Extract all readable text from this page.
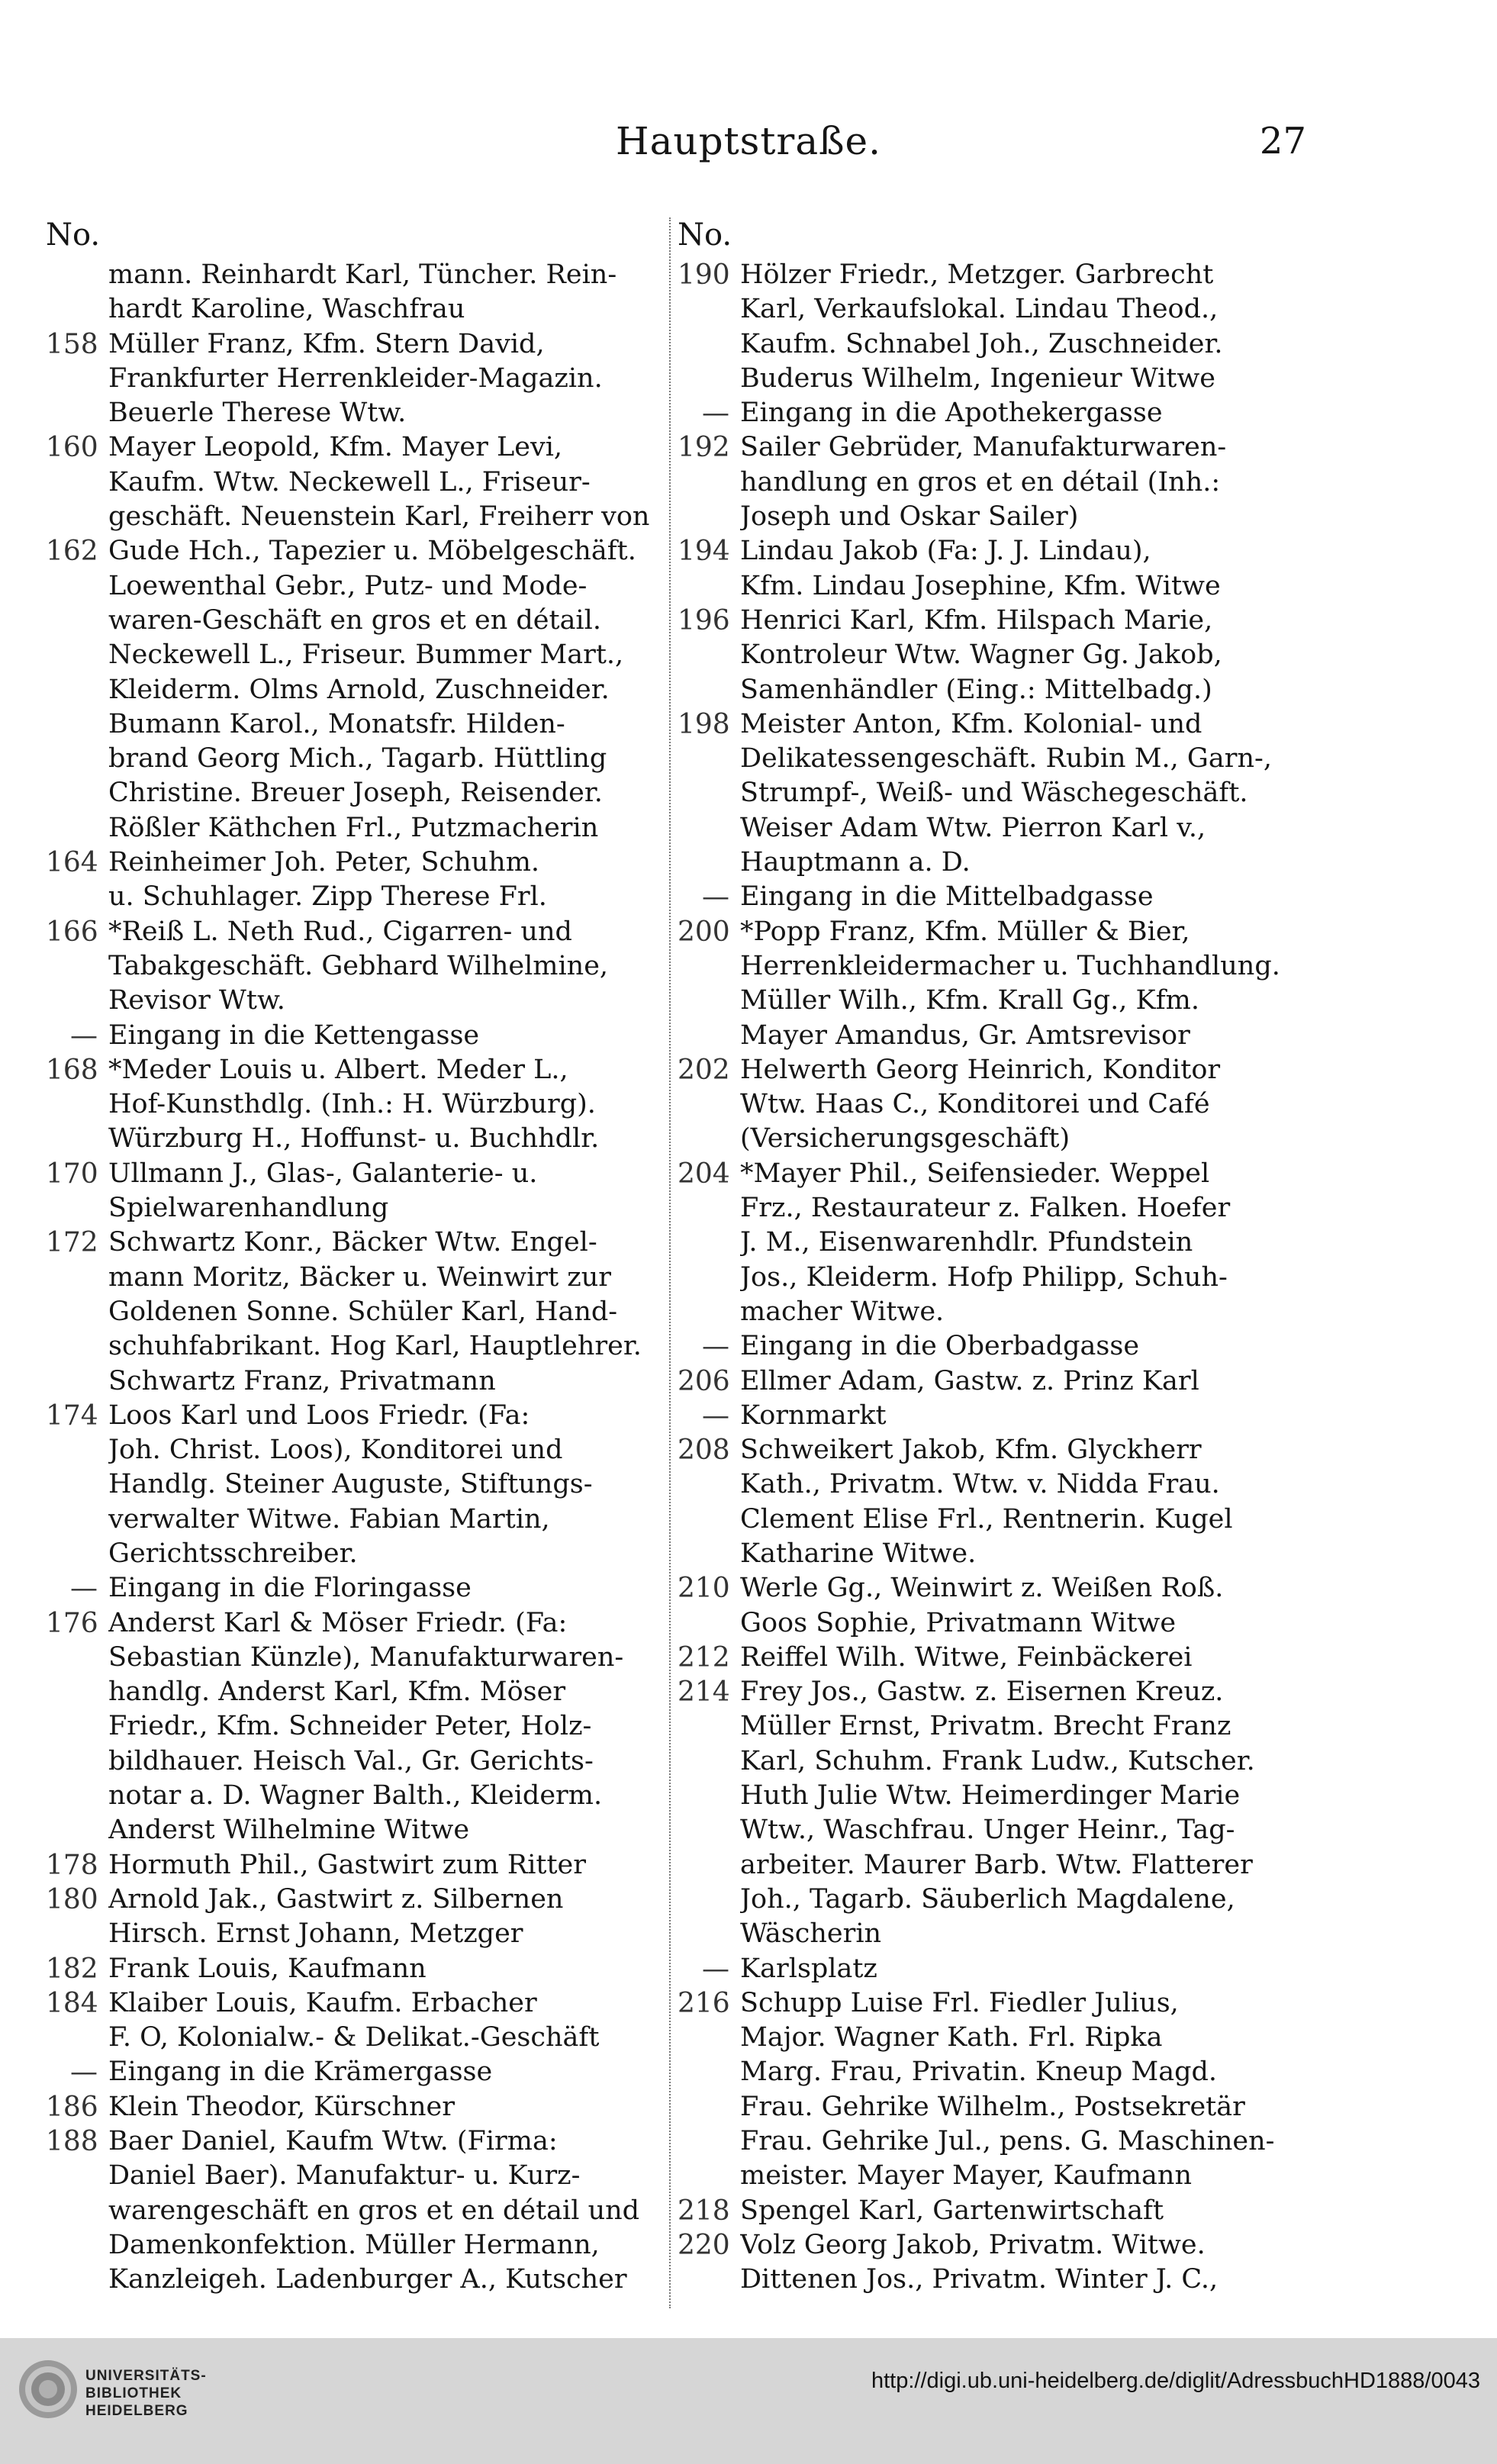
Hauptstraße.	27
No.
mann. Reinhardt Karl, Tüncher. Rein-
hardt Karoline, Waschfrau
158 Müller Franz, Kfm. Stern David,
Frankfurter Herrenkleider-Magazin.
Beuerle Therese Wtw.
160 Mayer Leopold, Kfm. Mayer Levi,
Kaufm. Wtw. Neckewell L., Friseur-
geschäft. Neuenstein Karl, Freiherr von
162 Gude Hch., Tapezier u. Möbelgeschäft.
Loewenthal Gebr., Putz- und Mode-
waren-Geschäft en gros et en détail.
Neckewell L., Friseur. Bummer Mart.,
Kleiderm. Olms Arnold, Zuschneider.
Bumann Karol., Monatsfr. Hilden-
brand Georg Mich., Tagarb. Hüttling
Christine. Breuer Joseph, Reisender.
Rößler Käthchen Frl., Putzmacherin
164 Reinheimer Joh. Peter, Schuhm.
u. Schuhlager. Zipp Therese Frl.
166 *Reiß L. Neth Rud., Cigarren- und
Tabakgeschäft. Gebhard Wilhelmine,
Revisor Wtw.
— Eingang in die Kettengasse
168 *Meder Louis u. Albert. Meder L.,
Hof-Kunsthdlg. (Inh.: H. Würzburg).
Würzburg H., Hoffunst- u. Buchhdlr.
170 Ullmann J., Glas-, Galanterie- u.
Spielwarenhandlung
172 Schwartz Konr., Bäcker Wtw. Engel-
mann Moritz, Bäcker u. Weinwirt zur
Goldenen Sonne. Schüler Karl, Hand-
schuhfabrikant. Hog Karl, Hauptlehrer.
Schwartz Franz, Privatmann
174 Loos Karl und Loos Friedr. (Fa:
Joh. Christ. Loos), Konditorei und
Handlg. Steiner Auguste, Stiftungs-
verwalter Witwe. Fabian Martin,
Gerichtsschreiber.
— Eingang in die Floringasse
176 Anderst Karl & Möser Friedr. (Fa:
Sebastian Künzle), Manufakturwaren-
handlg. Anderst Karl, Kfm. Möser
Friedr., Kfm. Schneider Peter, Holz-
bildhauer. Heisch Val., Gr. Gerichts-
notar a. D. Wagner Balth., Kleiderm.
Anderst Wilhelmine Witwe
178 Hormuth Phil., Gastwirt zum Ritter
180 Arnold Jak., Gastwirt z. Silbernen
Hirsch. Ernst Johann, Metzger
182 Frank Louis, Kaufmann
184 Klaiber Louis, Kaufm. Erbacher
F. O, Kolonialw.- & Delikat.-Geschäft
— Eingang in die Krämergasse
186 Klein Theodor, Kürschner
188 Baer Daniel, Kaufm Wtw. (Firma:
Daniel Baer). Manufaktur- u. Kurz-
warengeschäft en gros et en détail und
Damenkonfektion. Müller Hermann,
Kanzleigeh. Ladenburger A., Kutscher
No.
190 Hölzer Friedr., Metzger. Garbrecht
Karl, Verkaufslokal. Lindau Theod.,
Kaufm. Schnabel Joh., Zuschneider.
Buderus Wilhelm, Ingenieur Witwe
— Eingang in die Apothekergasse
192 Sailer Gebrüder, Manufakturwaren-
handlung en gros et en détail (Inh.:
Joseph und Oskar Sailer)
194 Lindau Jakob (Fa: J. J. Lindau),
Kfm. Lindau Josephine, Kfm. Witwe
196 Henrici Karl, Kfm. Hilspach Marie,
Kontroleur Wtw. Wagner Gg. Jakob,
Samenhändler (Eing.: Mittelbadg.)
198 Meister Anton, Kfm. Kolonial- und
Delikatessengeschäft. Rubin M., Garn-,
Strumpf-, Weiß- und Wäschegeschäft.
Weiser Adam Wtw. Pierron Karl v.,
Hauptmann a. D.
— Eingang in die Mittelbadgasse
200 *Popp Franz, Kfm. Müller & Bier,
Herrenkleidermacher u. Tuchhandlung.
Müller Wilh., Kfm. Krall Gg., Kfm.
Mayer Amandus, Gr. Amtsrevisor
202 Helwerth Georg Heinrich, Konditor
Wtw. Haas C., Konditorei und Café
(Versicherungsgeschäft)
204 *Mayer Phil., Seifensieder. Weppel
Frz., Restaurateur z. Falken. Hoefer
J. M., Eisenwarenhdlr. Pfundstein
Jos., Kleiderm. Hofp Philipp, Schuh-
macher Witwe.
— Eingang in die Oberbadgasse
206 Ellmer Adam, Gastw. z. Prinz Karl
— Kornmarkt
208 Schweikert Jakob, Kfm. Glyckherr
Kath., Privatm. Wtw. v. Nidda Frau.
Clement Elise Frl., Rentnerin. Kugel
Katharine Witwe.
210 Werle Gg., Weinwirt z. Weißen Roß.
Goos Sophie, Privatmann Witwe
212 Reiffel Wilh. Witwe, Feinbäckerei
214 Frey Jos., Gastw. z. Eisernen Kreuz.
Müller Ernst, Privatm. Brecht Franz
Karl, Schuhm. Frank Ludw., Kutscher.
Huth Julie Wtw. Heimerdinger Marie
Wtw., Waschfrau. Unger Heinr., Tag-
arbeiter. Maurer Barb. Wtw. Flatterer
Joh., Tagarb. Säuberlich Magdalene,
Wäscherin
— Karlsplatz
216 Schupp Luise Frl. Fiedler Julius,
Major. Wagner Kath. Frl. Ripka
Marg. Frau, Privatin. Kneup Magd.
Frau. Gehrike Wilhelm., Postsekretär
Frau. Gehrike Jul., pens. G. Maschinen-
meister. Mayer Mayer, Kaufmann
218 Spengel Karl, Gartenwirtschaft
220 Volz Georg Jakob, Privatm. Witwe.
Dittenen Jos., Privatm. Winter J. C.,
UNIVERSITÄTS-
BIBLIOTHEK
HEIDELBERG
http://digi.ub.uni-heidelberg.de/diglit/AdressbuchHD1888/0043
